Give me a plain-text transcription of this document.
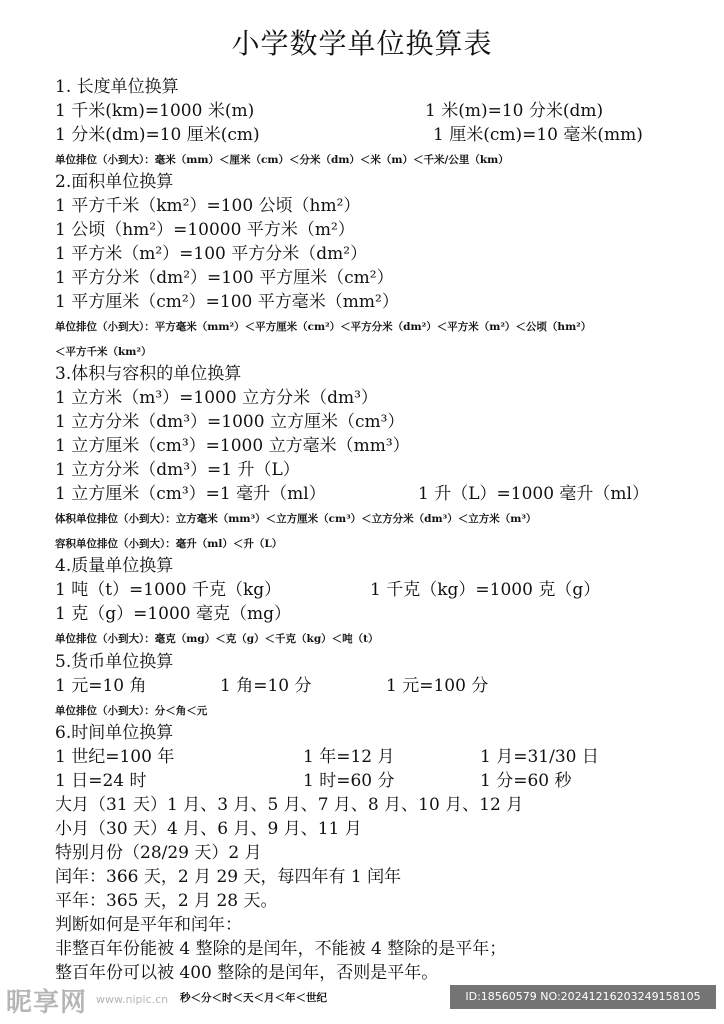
小学数学单位换算表
1. 长度单位换算
1 千米(km)=1000 米(m)	1 米(m)=10 分米(dm)
1 分米(dm)=10 厘米(cm)	1 厘米(cm)=10 毫米(mm)
单位排位（小到大）：毫米（mm）＜厘米（cm）＜分米（dm）＜米（m）＜千米/公里（km）
2.面积单位换算
1 平方千米（km²）=100 公顷（hm²）
1 公顷（hm²）=10000 平方米（m²）
1 平方米（m²）=100 平方分米（dm²）
1 平方分米（dm²）=100 平方厘米（cm²）
1 平方厘米（cm²）=100 平方毫米（mm²）
单位排位（小到大）：平方毫米（mm²）＜平方厘米（cm²）＜平方分米（dm²）＜平方米（m²）＜公顷（hm²）
＜平方千米（km²）
3.体积与容积的单位换算
1 立方米（m³）=1000 立方分米（dm³）
1 立方分米（dm³）=1000 立方厘米（cm³）
1 立方厘米（cm³）=1000 立方毫米（mm³）
1 立方分米（dm³）=1 升（L）
1 立方厘米（cm³）=1 毫升（ml）	1 升（L）=1000 毫升（ml）
体积单位排位（小到大）：立方毫米（mm³）＜立方厘米（cm³）＜立方分米（dm³）＜立方米（m³）
容积单位排位（小到大）：毫升（ml）＜升（L）
4.质量单位换算
1 吨（t）=1000 千克（kg）	1 千克（kg）=1000 克（g）
1 克（g）=1000 毫克（mg）
单位排位（小到大）：毫克（mg）＜克（g）＜千克（kg）＜吨（t）
5.货币单位换算
1 元=10 角	1 角=10 分	1 元=100 分
单位排位（小到大）：分＜角＜元
6.时间单位换算
1 世纪=100 年	1 年=12 月	1 月=31/30 日
1 日=24 时	1 时=60 分	1 分=60 秒
大月（31 天）1 月、3 月、5 月、7 月、8 月、10 月、12 月
小月（30 天）4 月、6 月、9 月、11 月
特别月份（28/29 天）2 月
闰年：366 天，2 月 29 天，每四年有 1 闰年
平年：365 天，2 月 28 天。
判断如何是平年和闰年：
非整百年份能被 4 整除的是闰年，不能被 4 整除的是平年；
整百年份可以被 400 整除的是闰年，否则是平年。
秒＜分＜时＜天＜月＜年＜世纪
昵享网 www.nipic.cn	ID:18560579 NO:20241216203249158105
